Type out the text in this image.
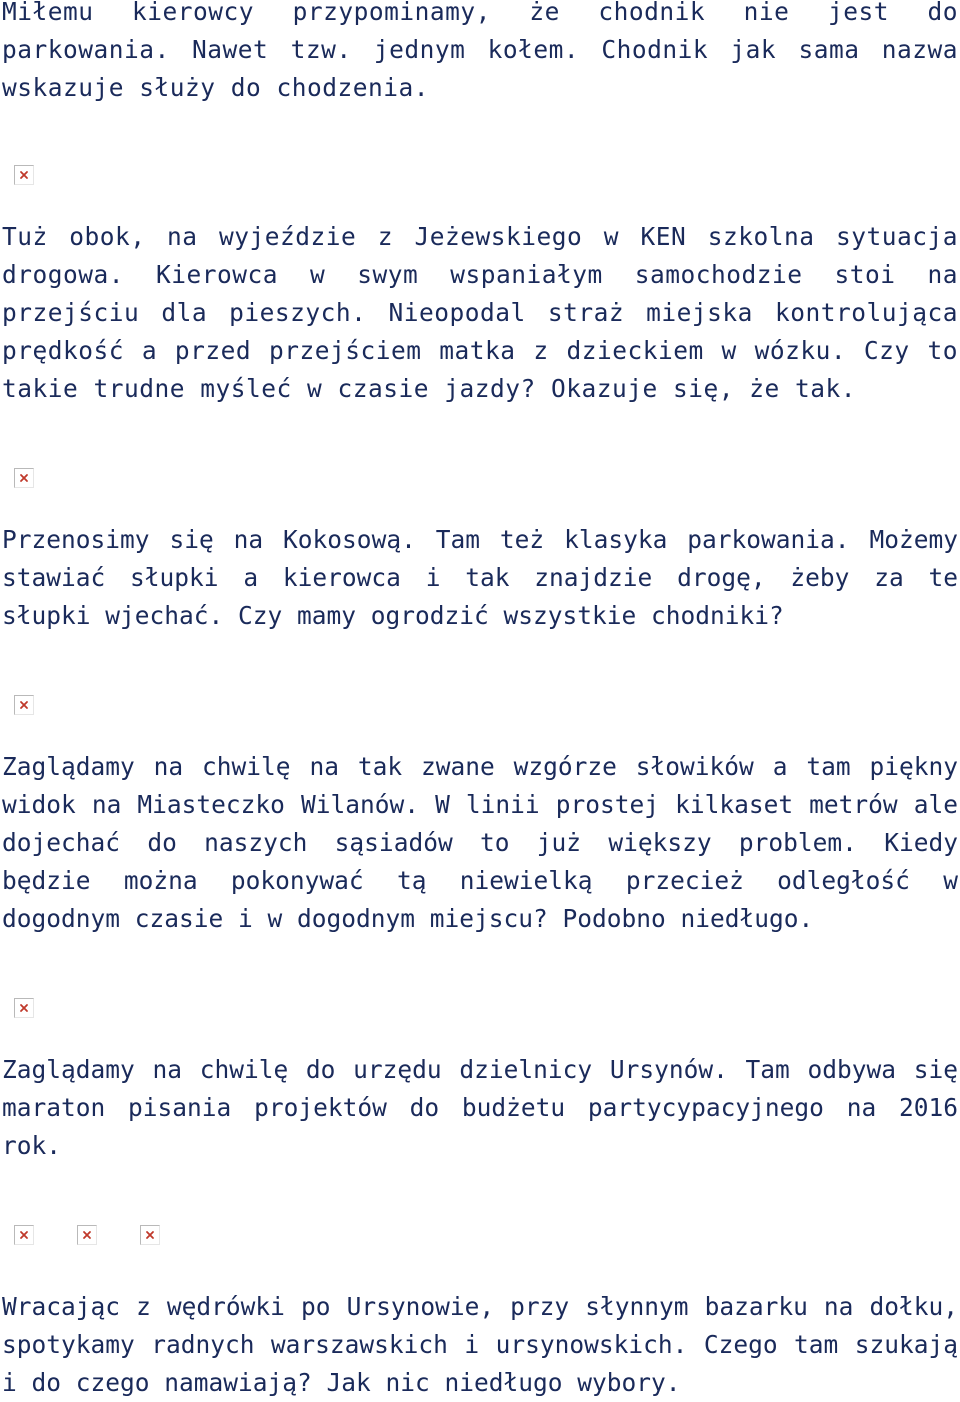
Miłemu kierowcy przypominamy, że chodnik nie jest do parkowania. Nawet tzw. jednym kołem. Chodnik jak sama nazwa wskazuje służy do chodzenia.

Tuż obok, na wyjeździe z Jeżewskiego w KEN szkolna sytuacja drogowa. Kierowca w swym wspaniałym samochodzie stoi na przejściu dla pieszych. Nieopodal straż miejska kontrolująca prędkość a przed przejściem matka z dzieckiem w wózku. Czy to takie trudne myśleć w czasie jazdy? Okazuje się, że tak.

Przenosimy się na Kokosową. Tam też klasyka parkowania. Możemy stawiać słupki a kierowca i tak znajdzie drogę, żeby za te słupki wjechać. Czy mamy ogrodzić wszystkie chodniki?

Zaglądamy na chwilę na tak zwane wzgórze słowików a tam piękny widok na Miasteczko Wilanów. W linii prostej kilkaset metrów ale dojechać do naszych sąsiadów to już większy problem. Kiedy będzie można pokonywać tą niewielką przecież odległość w dogodnym czasie i w dogodnym miejscu? Podobno niedługo.

Zaglądamy na chwilę do urzędu dzielnicy Ursynów. Tam odbywa się maraton pisania projektów do budżetu partycypacyjnego na 2016 rok.

Wracając z wędrówki po Ursynowie, przy słynnym bazarku na dołku, spotykamy radnych warszawskich i ursynowskich. Czego tam szukają i do czego namawiają? Jak nic niedługo wybory.
